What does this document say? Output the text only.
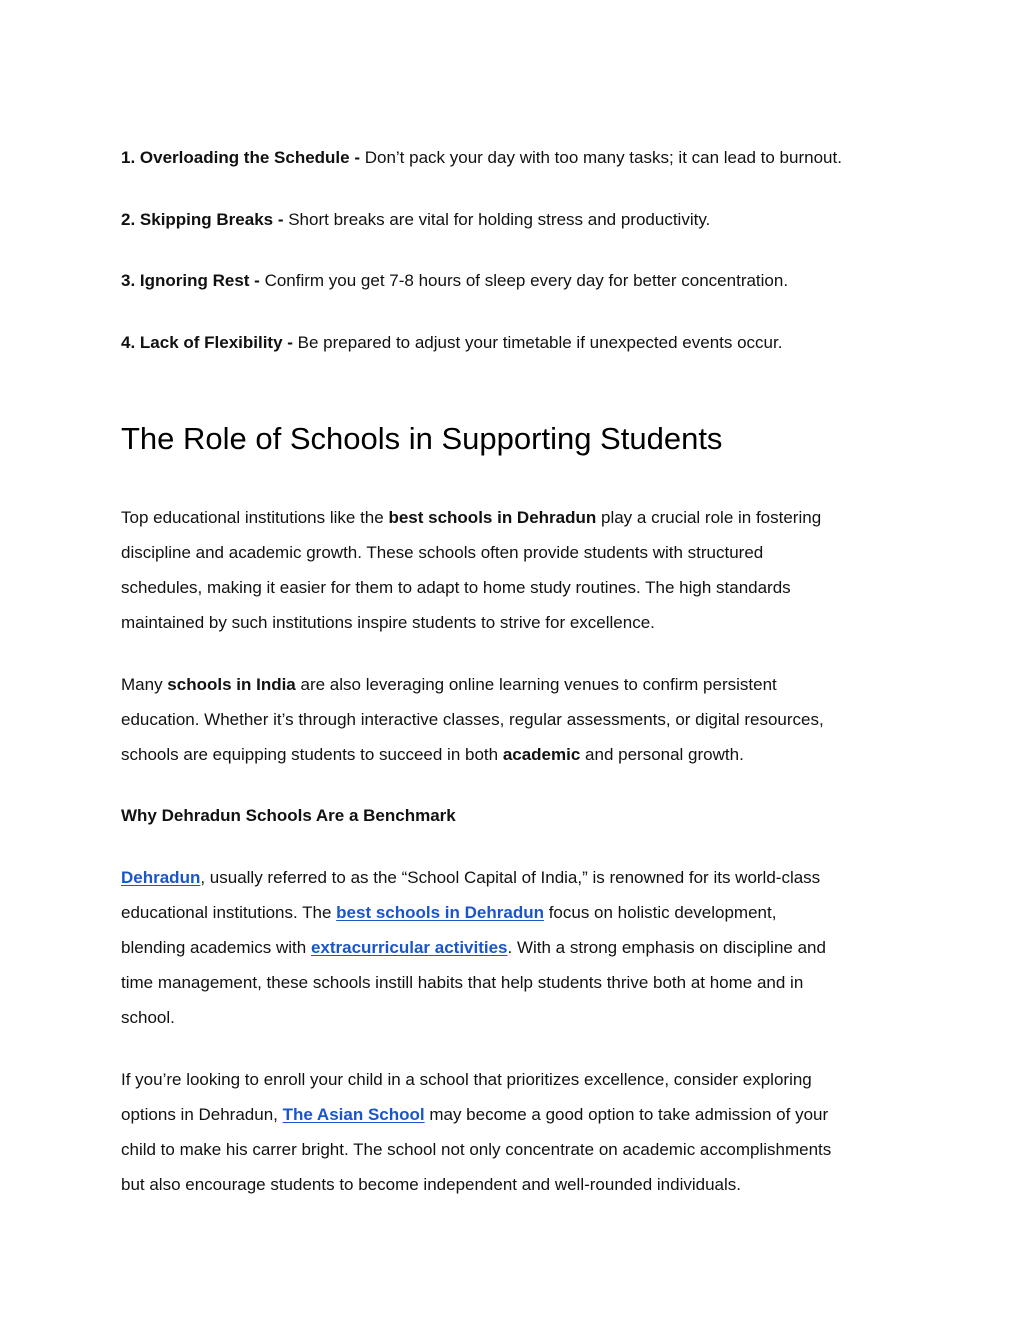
1. Overloading the Schedule - Don’t pack your day with too many tasks; it can lead to burnout.
2. Skipping Breaks - Short breaks are vital for holding stress and productivity.
3. Ignoring Rest - Confirm you get 7-8 hours of sleep every day for better concentration.
4. Lack of Flexibility - Be prepared to adjust your timetable if unexpected events occur.
The Role of Schools in Supporting Students

Top educational institutions like the best schools in Dehradun play a crucial role in fostering
discipline and academic growth. These schools often provide students with structured
schedules, making it easier for them to adapt to home study routines. The high standards
maintained by such institutions inspire students to strive for excellence.

Many schools in India are also leveraging online learning venues to confirm persistent
education. Whether it’s through interactive classes, regular assessments, or digital resources,
schools are equipping students to succeed in both academic and personal growth.

Why Dehradun Schools Are a Benchmark

Dehradun, usually referred to as the “School Capital of India,” is renowned for its world-class
educational institutions. The best schools in Dehradun focus on holistic development,
blending academics with extracurricular activities. With a strong emphasis on discipline and
time management, these schools instill habits that help students thrive both at home and in
school.

If you’re looking to enroll your child in a school that prioritizes excellence, consider exploring
options in Dehradun, The Asian School may become a good option to take admission of your
child to make his carrer bright. The school not only concentrate on academic accomplishments
but also encourage students to become independent and well-rounded individuals.
